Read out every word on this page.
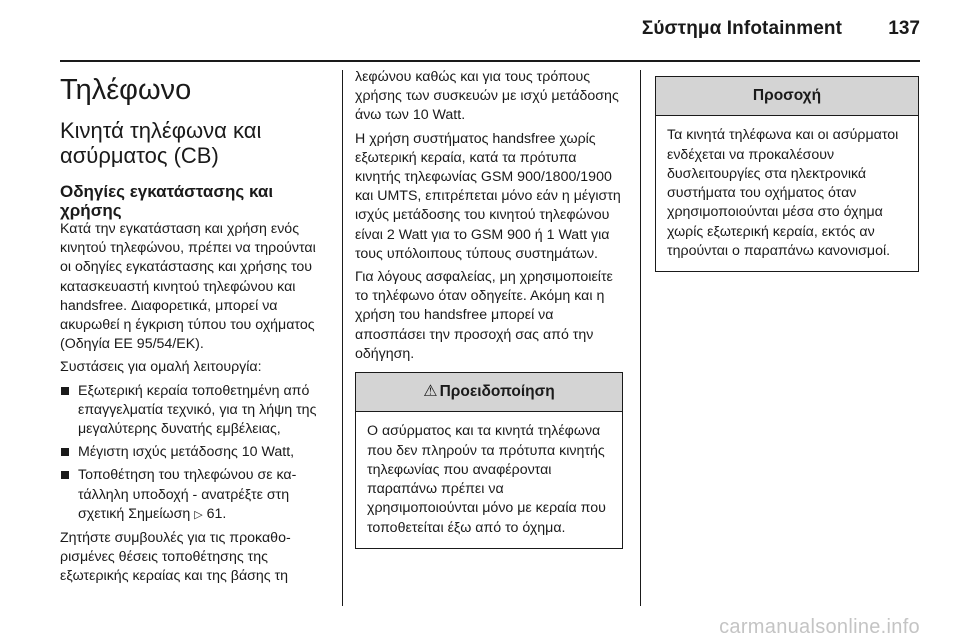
Σύστημα Infotainment 137
Τηλέφωνο
Κινητά τηλέφωνα και ασύρματος (CB)
Οδηγίες εγκατάστασης και χρήσης

Κατά την εγκατάσταση και χρήση ενός κινητού τηλεφώνου, πρέπει να τηρούνται οι οδηγίες εγκατάστασης και χρήσης του κατασκευαστή κινητού τηλεφώνου και handsfree. Διαφορετικά, μπορεί να ακυρωθεί η έγκριση τύπου του οχήματος (Οδηγία ΕΕ 95/54/ΕΚ).

Συστάσεις για ομαλή λειτουργία:

Εξωτερική κεραία τοποθετημένη από επαγγελματία τεχνικό, για τη λήψη της μεγαλύτερης δυνατής εμβέλειας,
Μέγιστη ισχύς μετάδοσης 10 Watt,
Τοποθέτηση του τηλεφώνου σε κατάλληλη υποδοχή - ανατρέξτε στη σχετική Σημείωση ▷ 61.

Ζητήστε συμβουλές για τις προκαθορισμένες θέσεις τοποθέτησης της εξωτερικής κεραίας και της βάσης τη

λεφώνου καθώς και για τους τρόπους χρήσης των συσκευών με ισχύ μετάδοσης άνω των 10 Watt.

Η χρήση συστήματος handsfree χωρίς εξωτερική κεραία, κατά τα πρότυπα κινητής τηλεφωνίας GSM 900/1800/1900 και UMTS, επιτρέπεται μόνο εάν η μέγιστη ισχύς μετάδοσης του κινητού τηλεφώνου είναι 2 Watt για το GSM 900 ή 1 Watt για τους υπόλοιπους τύπους συστημάτων.

Για λόγους ασφαλείας, μη χρησιμοποιείτε το τηλέφωνο όταν οδηγείτε. Ακόμη και η χρήση του handsfree μπορεί να αποσπάσει την προσοχή σας από την οδήγηση.

⚠ Προειδοποίηση
Ο ασύρματος και τα κινητά τηλέφωνα που δεν πληρούν τα πρότυπα κινητής τηλεφωνίας που αναφέρονται παραπάνω πρέπει να χρησιμοποιούνται μόνο με κεραία που τοποθετείται έξω από το όχημα.
Προσοχή
Τα κινητά τηλέφωνα και οι ασύρματοι ενδέχεται να προκαλέσουν δυσλειτουργίες στα ηλεκτρονικά συστήματα του οχήματος όταν χρησιμοποιούνται μέσα στο όχημα χωρίς εξωτερική κεραία, εκτός αν τηρούνται ο παραπάνω κανονισμοί.
carmanualsonline.info
